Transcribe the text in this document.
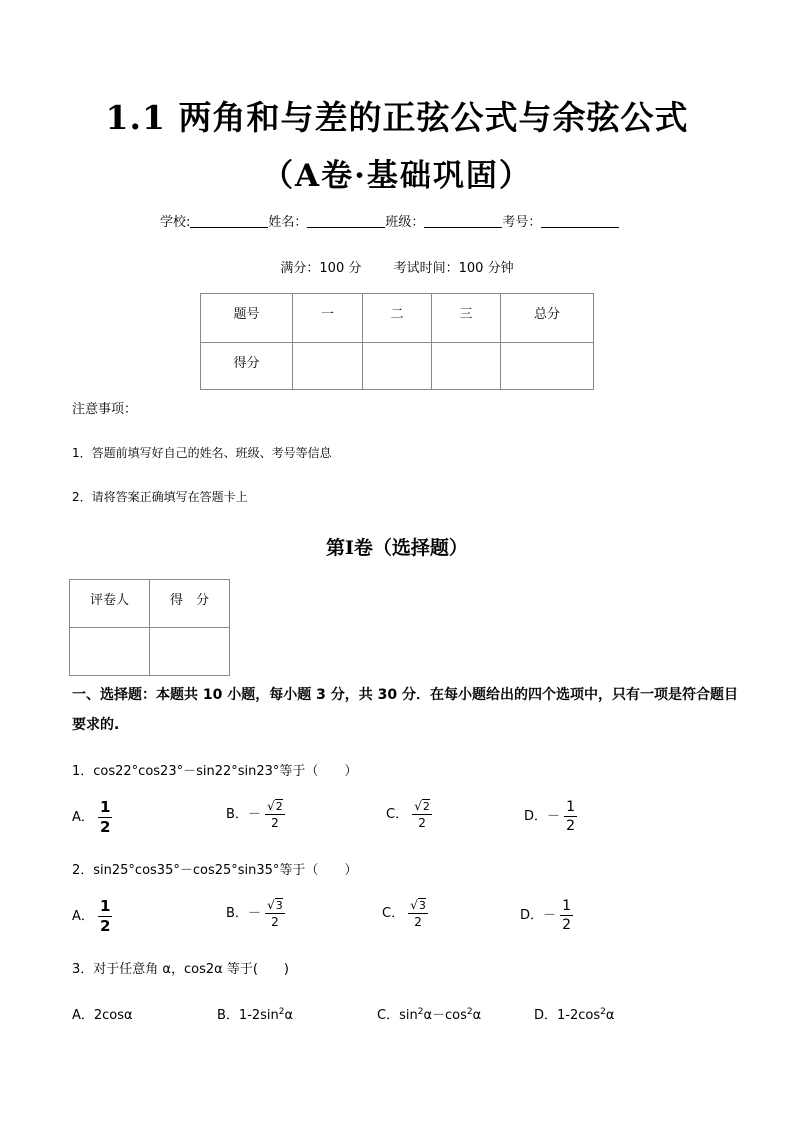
1.1 两角和与差的正弦公式与余弦公式
（A卷·基础巩固）
学校:	姓名：	班级：	考号：
满分：100 分 考试时间：100 分钟
题号	一	二	三	总分
得分				
注意事项：
1．答题前填写好自己的姓名、班级、考号等信息
2．请将答案正确填写在答题卡上
第Ⅰ卷（选择题）
评卷人	得　分

一、选择题：本题共 10 小题，每小题 3 分，共 30 分．在每小题给出的四个选项中，只有一项是符合题目
要求的.
1．cos22°cos23°－sin22°sin23°等于（　　）
A． $\frac{1}{2}$	B．－ $\frac{√2}{2}$	C． $\frac{√2}{2}$	D．－ $\frac{1}{2}$
2．sin25°cos35°－cos25°sin35°等于（　　）
A． $\frac{1}{2}$	B．－ $\frac{√3}{2}$	C． $\frac{√3}{2}$	D．－ $\frac{1}{2}$
3．对于任意角 α，cos2α 等于(　　)
A．2cosα	B．$1-2\sin^2\alpha$	C．$\sin^2\alpha-\cos^2\alpha$	D．$1-2\cos^2\alpha$
